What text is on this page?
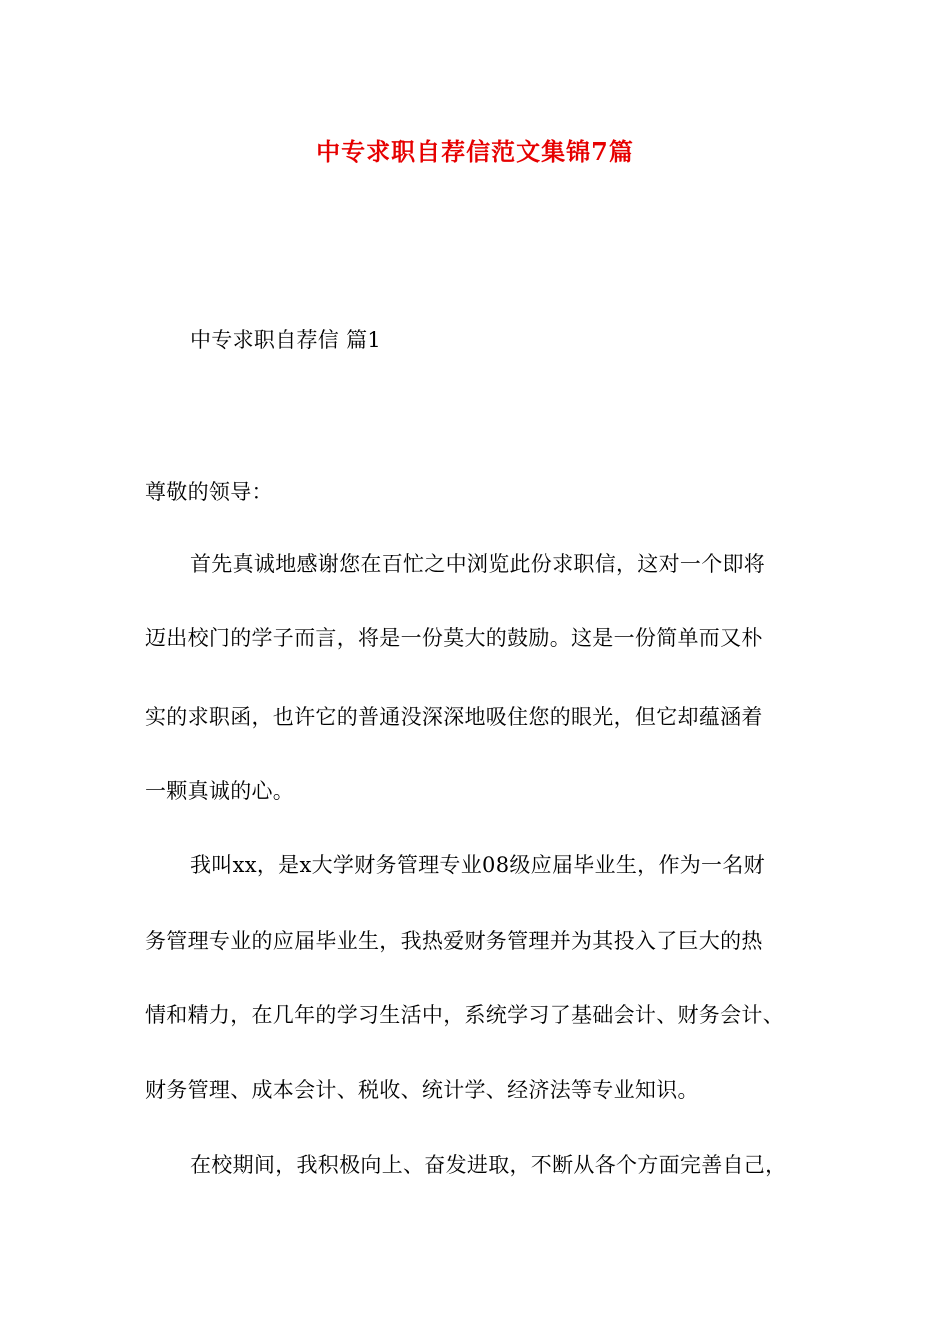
中专求职自荐信范文集锦7篇
中专求职自荐信 篇1
尊敬的领导：
首先真诚地感谢您在百忙之中浏览此份求职信，这对一个即将
迈出校门的学子而言，将是一份莫大的鼓励。这是一份简单而又朴
实的求职函，也许它的普通没深深地吸住您的眼光，但它却蕴涵着
一颗真诚的心。
我叫xx，是x大学财务管理专业08级应届毕业生，作为一名财
务管理专业的应届毕业生，我热爱财务管理并为其投入了巨大的热
情和精力，在几年的学习生活中，系统学习了基础会计、财务会计、
财务管理、成本会计、税收、统计学、经济法等专业知识。
在校期间，我积极向上、奋发进取，不断从各个方面完善自己，
